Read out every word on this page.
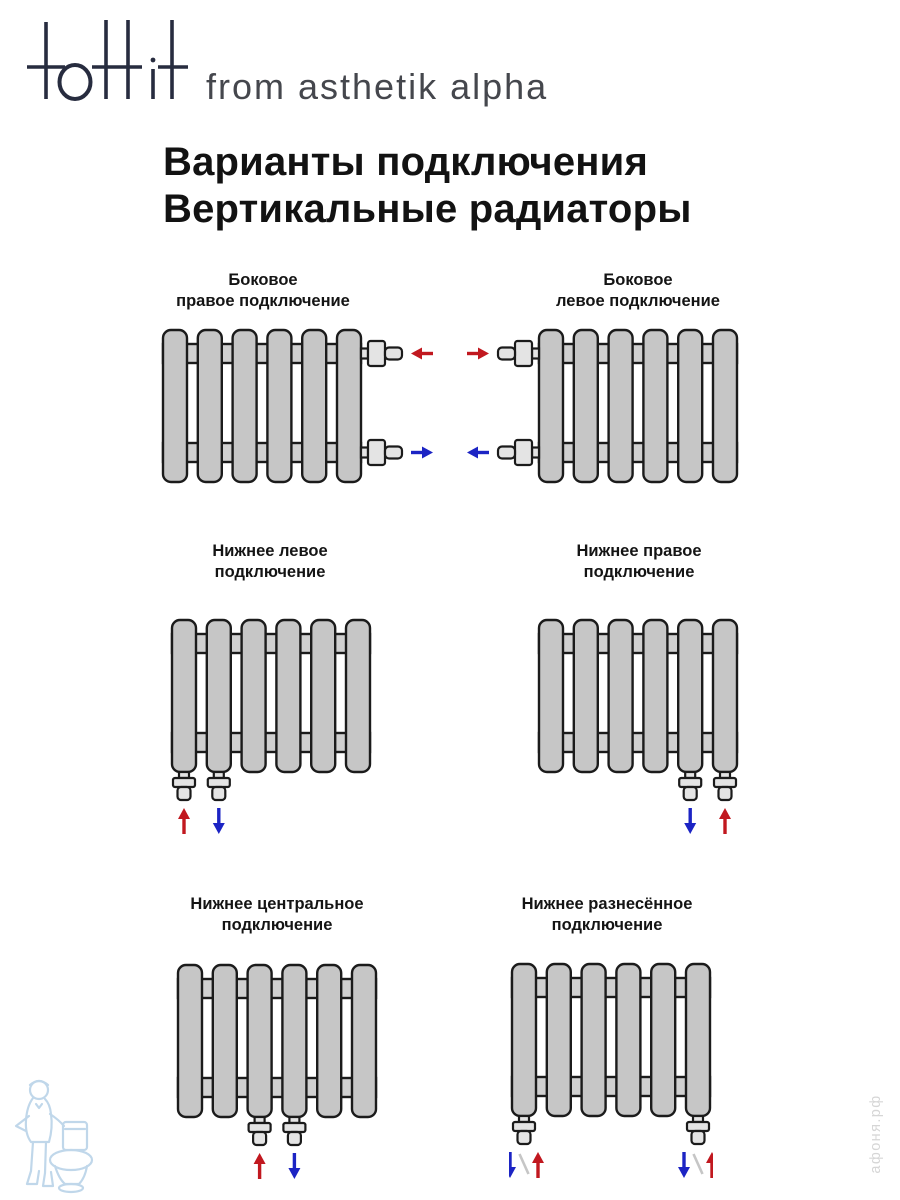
from asthetik alpha
Варианты подключения
Вертикальные радиаторы
Боковое
правое подключение
Боковое
левое подключение
Нижнее левое
подключение
Нижнее правое
подключение
Нижнее центральное
подключение
Нижнее разнесённое
подключение
афоня.рф
